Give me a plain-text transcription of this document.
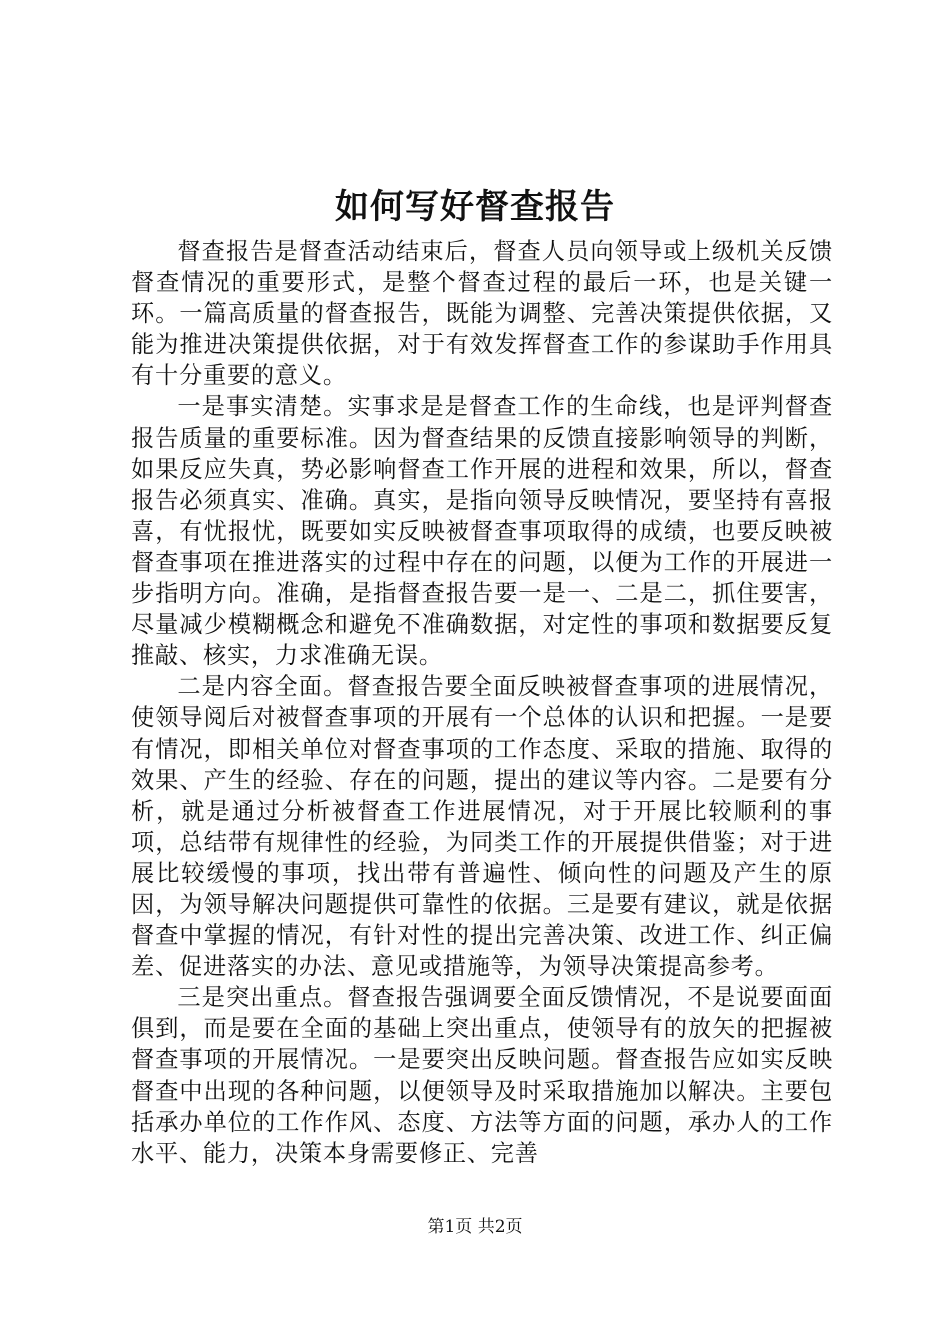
如何写好督查报告

督查报告是督查活动结束后，督查人员向领导或上级机关反馈督查情况的重要形式，是整个督查过程的最后一环，也是关键一环。一篇高质量的督查报告，既能为调整、完善决策提供依据，又能为推进决策提供依据，对于有效发挥督查工作的参谋助手作用具有十分重要的意义。

一是事实清楚。实事求是是督查工作的生命线，也是评判督查报告质量的重要标准。因为督查结果的反馈直接影响领导的判断，如果反应失真，势必影响督查工作开展的进程和效果，所以，督查报告必须真实、准确。真实，是指向领导反映情况，要坚持有喜报喜，有忧报忧，既要如实反映被督查事项取得的成绩，也要反映被督查事项在推进落实的过程中存在的问题，以便为工作的开展进一步指明方向。准确，是指督查报告要一是一、二是二，抓住要害，尽量减少模糊概念和避免不准确数据，对定性的事项和数据要反复推敲、核实，力求准确无误。

二是内容全面。督查报告要全面反映被督查事项的进展情况，使领导阅后对被督查事项的开展有一个总体的认识和把握。一是要有情况，即相关单位对督查事项的工作态度、采取的措施、取得的效果、产生的经验、存在的问题，提出的建议等内容。二是要有分析，就是通过分析被督查工作进展情况，对于开展比较顺利的事项，总结带有规律性的经验，为同类工作的开展提供借鉴；对于进展比较缓慢的事项，找出带有普遍性、倾向性的问题及产生的原因，为领导解决问题提供可靠性的依据。三是要有建议，就是依据督查中掌握的情况，有针对性的提出完善决策、改进工作、纠正偏差、促进落实的办法、意见或措施等，为领导决策提高参考。

三是突出重点。督查报告强调要全面反馈情况，不是说要面面俱到，而是要在全面的基础上突出重点，使领导有的放矢的把握被督查事项的开展情况。一是要突出反映问题。督查报告应如实反映督查中出现的各种问题，以便领导及时采取措施加以解决。主要包括承办单位的工作作风、态度、方法等方面的问题，承办人的工作水平、能力，决策本身需要修正、完善

第1页 共2页
